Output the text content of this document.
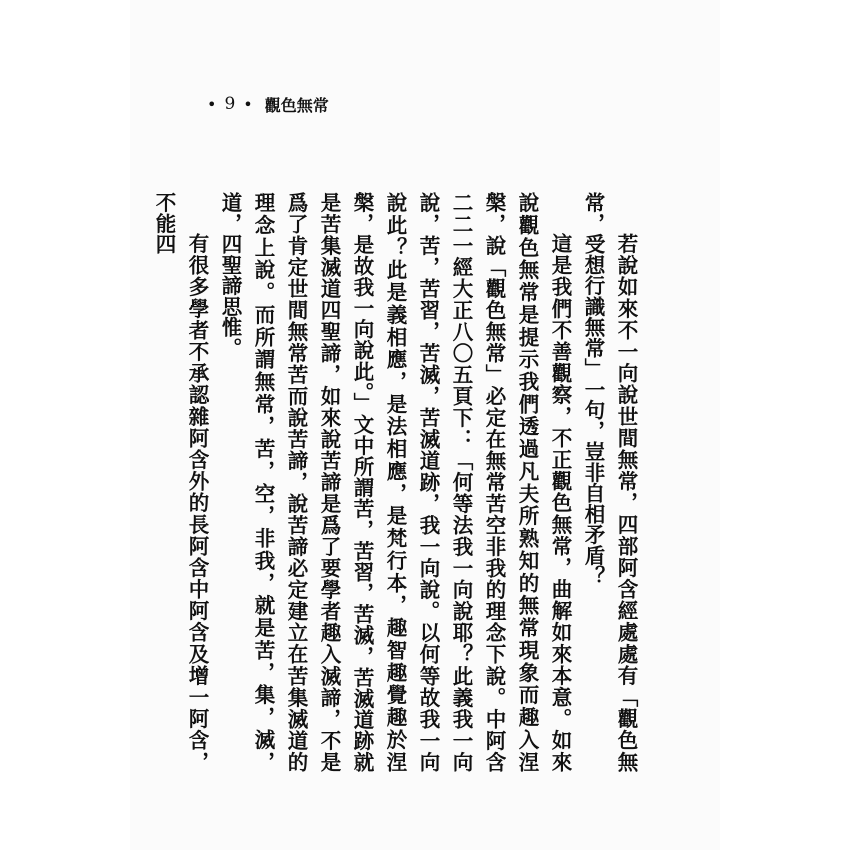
• 9 • 觀色無常

若說如來不一向說世間無常，四部阿含經處處有「觀色無常，受想行識無常」一句，豈非自相矛盾？

這是我們不善觀察，不正觀色無常，曲解如來本意。如來說觀色無常是提示我們透過凡夫所熟知的無常現象而趣入涅槃，說「觀色無常」必定在無常苦空非我的理念下說。中阿含二二一經大正八〇五頁下：「何等法我一向說耶？此義我一向說，苦，苦習，苦滅，苦滅道跡，我一向說。以何等故我一向說此？此是義相應，是法相應，是梵行本，趣智趣覺趣於涅槃，是故我一向說此。」文中所謂苦，苦習，苦滅，苦滅道跡就是苦集滅道四聖諦，如來說苦諦是爲了要學者趣入滅諦，不是爲了肯定世間無常苦而說苦諦，說苦諦必定建立在苦集滅道的理念上說。而所謂無常，苦，空，非我，就是苦，集，滅，道，四聖諦思惟。

有很多學者不承認雜阿含外的長阿含中阿含及增一阿含，不能四
